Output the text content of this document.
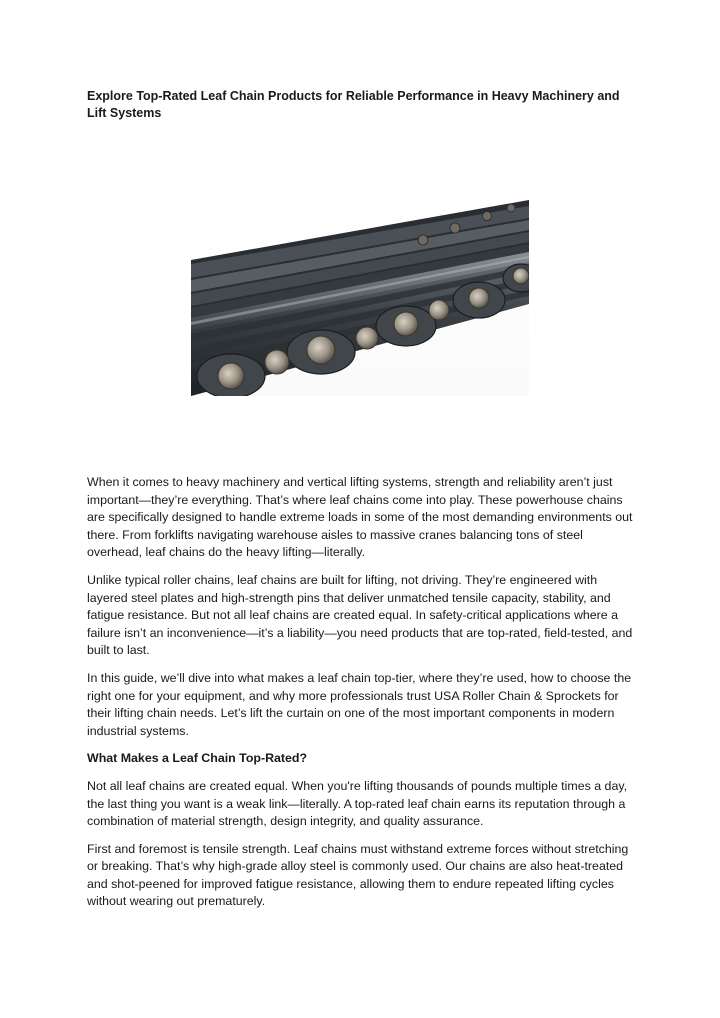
Explore Top-Rated Leaf Chain Products for Reliable Performance in Heavy Machinery and Lift Systems

When it comes to heavy machinery and vertical lifting systems, strength and reliability aren’t just important—they’re everything. That’s where leaf chains come into play. These powerhouse chains are specifically designed to handle extreme loads in some of the most demanding environments out there. From forklifts navigating warehouse aisles to massive cranes balancing tons of steel overhead, leaf chains do the heavy lifting—literally.

Unlike typical roller chains, leaf chains are built for lifting, not driving. They’re engineered with layered steel plates and high-strength pins that deliver unmatched tensile capacity, stability, and fatigue resistance. But not all leaf chains are created equal. In safety-critical applications where a failure isn’t an inconvenience—it’s a liability—you need products that are top-rated, field-tested, and built to last.

In this guide, we’ll dive into what makes a leaf chain top-tier, where they’re used, how to choose the right one for your equipment, and why more professionals trust USA Roller Chain & Sprockets for their lifting chain needs. Let’s lift the curtain on one of the most important components in modern industrial systems.

What Makes a Leaf Chain Top-Rated?

Not all leaf chains are created equal. When you're lifting thousands of pounds multiple times a day, the last thing you want is a weak link—literally. A top-rated leaf chain earns its reputation through a combination of material strength, design integrity, and quality assurance.

First and foremost is tensile strength. Leaf chains must withstand extreme forces without stretching or breaking. That’s why high-grade alloy steel is commonly used. Our chains are also heat-treated and shot-peened for improved fatigue resistance, allowing them to endure repeated lifting cycles without wearing out prematurely.
